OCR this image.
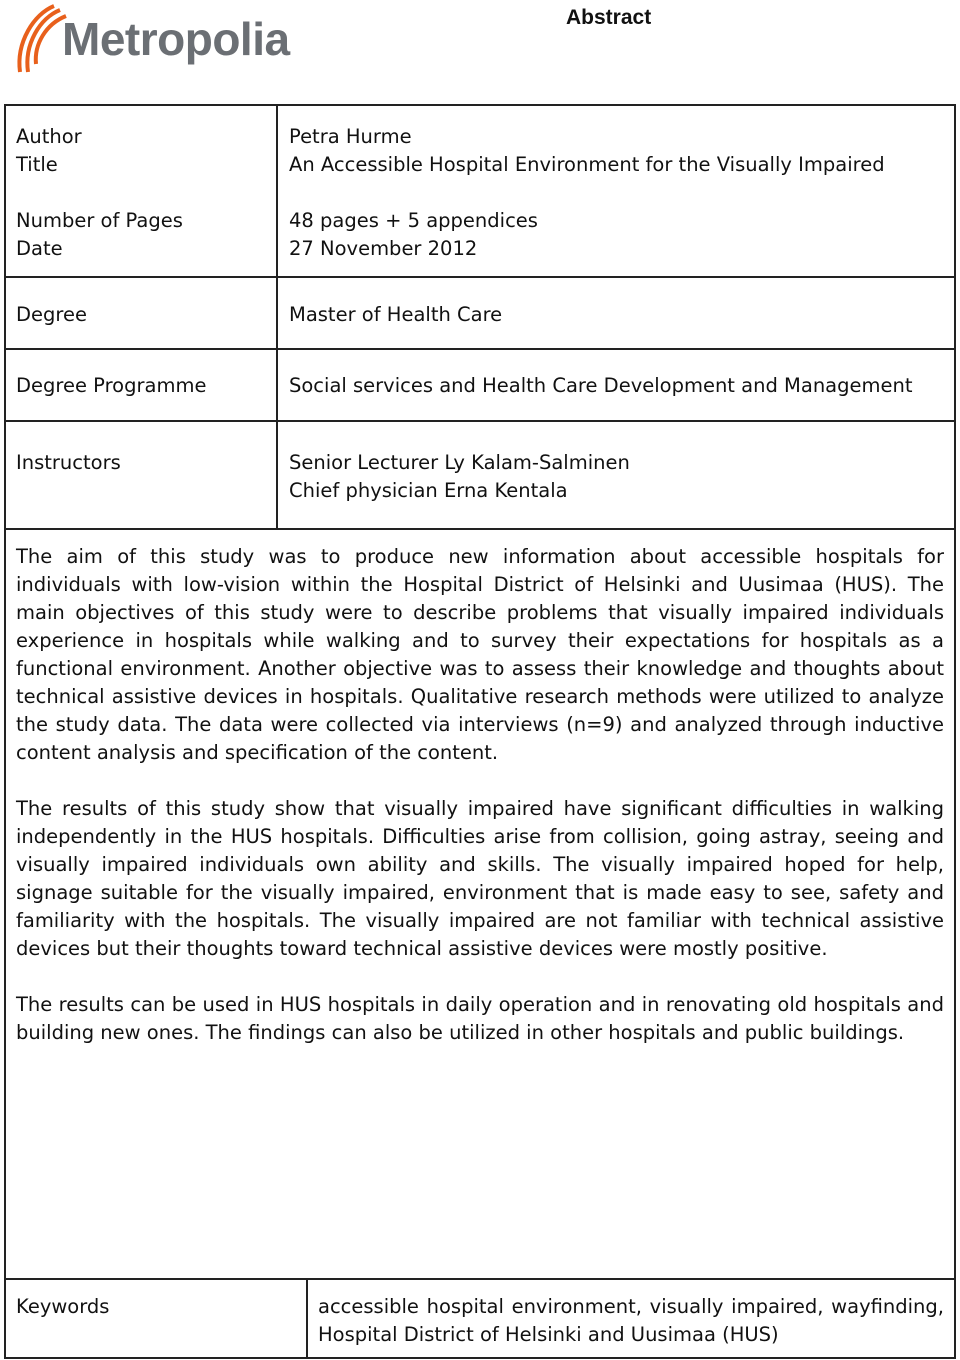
Metropolia	Abstract
Author
Title
Number of Pages
Date
Degree
Degree Programme
Instructors
Petra Hurme
An Accessible Hospital Environment for the Visually Impaired
48 pages + 5 appendices
27 November 2012
Master of Health Care
Social services and Health Care Development and Management
Senior Lecturer Ly Kalam-Salminen
Chief physician Erna Kentala

The aim of this study was to produce new information about accessible hospitals for individuals with low-vision within the Hospital District of Helsinki and Uusimaa (HUS). The main objectives of this study were to describe problems that visually impaired individuals experience in hospitals while walking and to survey their expectations for hospitals as a functional environment. Another objective was to assess their knowledge and thoughts about technical assistive devices in hospitals. Qualitative research methods were utilized to analyze the study data. The data were collected via interviews (n=9) and analyzed through inductive content analysis and specification of the content.

The results of this study show that visually impaired have significant difficulties in walking independently in the HUS hospitals. Difficulties arise from collision, going astray, seeing and visually impaired individuals own ability and skills. The visually impaired hoped for help, signage suitable for the visually impaired, environment that is made easy to see, safety and familiarity with the hospitals. The visually impaired are not familiar with technical assistive devices but their thoughts toward technical assistive devices were mostly positive.

The results can be used in HUS hospitals in daily operation and in renovating old hospitals and building new ones. The findings can also be utilized in other hospitals and public buildings.

Keywords	accessible hospital environment, visually impaired, wayfinding, Hospital District of Helsinki and Uusimaa (HUS)
